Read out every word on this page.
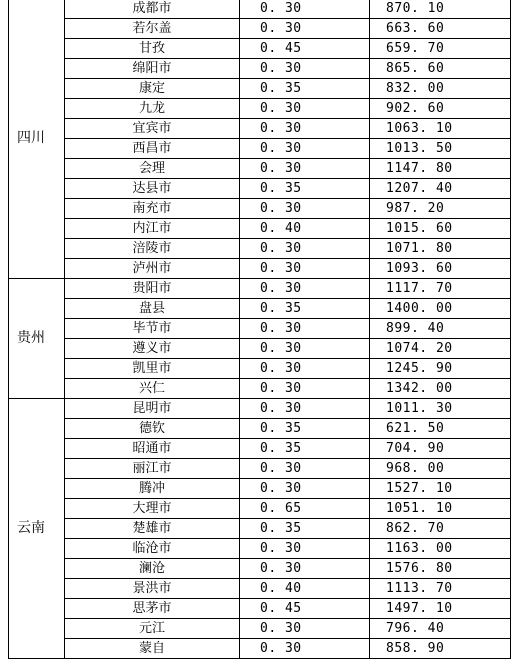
四川	成都市	0. 30	870. 10
	若尔盖	0. 30	663. 60
	甘孜	0. 45	659. 70
	绵阳市	0. 30	865. 60
	康定	0. 35	832. 00
	九龙	0. 30	902. 60
	宜宾市	0. 30	1063. 10
	西昌市	0. 30	1013. 50
	会理	0. 30	1147. 80
	达县市	0. 35	1207. 40
	南充市	0. 30	987. 20
	内江市	0. 40	1015. 60
	涪陵市	0. 30	1071. 80
	泸州市	0. 30	1093. 60
贵州	贵阳市	0. 30	1117. 70
	盘县	0. 35	1400. 00
	毕节市	0. 30	899. 40
	遵义市	0. 30	1074. 20
	凯里市	0. 30	1245. 90
	兴仁	0. 30	1342. 00
云南	昆明市	0. 30	1011. 30
	德钦	0. 35	621. 50
	昭通市	0. 35	704. 90
	丽江市	0. 30	968. 00
	腾冲	0. 30	1527. 10
	大理市	0. 65	1051. 10
	楚雄市	0. 35	862. 70
	临沧市	0. 30	1163. 00
	澜沧	0. 30	1576. 80
	景洪市	0. 40	1113. 70
	思茅市	0. 45	1497. 10
	元江	0. 30	796. 40
	蒙自	0. 30	858. 90
